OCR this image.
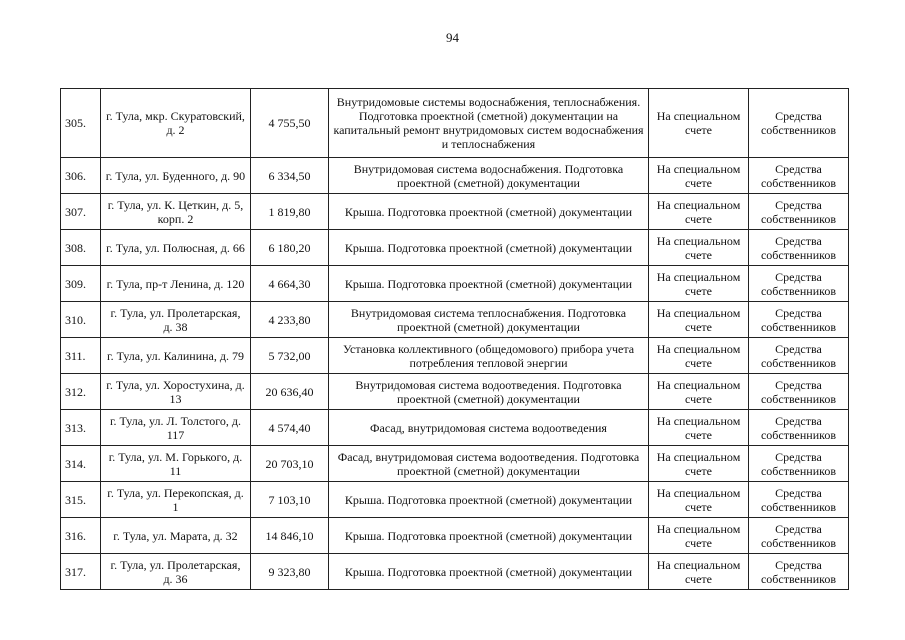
94
305.	г. Тула, мкр. Скуратовский, д. 2	4 755,50	Внутридомовые системы водоснабжения, теплоснабжения. Подготовка проектной (сметной) документации на капитальный ремонт внутридомовых систем водоснабжения и теплоснабжения	На специальном счете	Средства собственников
306.	г. Тула, ул. Буденного, д. 90	6 334,50	Внутридомовая система водоснабжения. Подготовка проектной (сметной) документации	На специальном счете	Средства собственников
307.	г. Тула, ул. К. Цеткин, д. 5, корп. 2	1 819,80	Крыша. Подготовка проектной (сметной) документации	На специальном счете	Средства собственников
308.	г. Тула, ул. Полюсная, д. 66	6 180,20	Крыша. Подготовка проектной (сметной) документации	На специальном счете	Средства собственников
309.	г. Тула, пр-т Ленина, д. 120	4 664,30	Крыша. Подготовка проектной (сметной) документации	На специальном счете	Средства собственников
310.	г. Тула, ул. Пролетарская, д. 38	4 233,80	Внутридомовая система теплоснабжения. Подготовка проектной (сметной) документации	На специальном счете	Средства собственников
311.	г. Тула, ул. Калинина, д. 79	5 732,00	Установка коллективного (общедомового) прибора учета потребления тепловой энергии	На специальном счете	Средства собственников
312.	г. Тула, ул. Хоростухина, д. 13	20 636,40	Внутридомовая система водоотведения. Подготовка проектной (сметной) документации	На специальном счете	Средства собственников
313.	г. Тула, ул. Л. Толстого, д. 117	4 574,40	Фасад, внутридомовая система водоотведения	На специальном счете	Средства собственников
314.	г. Тула, ул. М. Горького, д. 11	20 703,10	Фасад, внутридомовая система водоотведения. Подготовка проектной (сметной) документации	На специальном счете	Средства собственников
315.	г. Тула, ул. Перекопская, д. 1	7 103,10	Крыша. Подготовка проектной (сметной) документации	На специальном счете	Средства собственников
316.	г. Тула, ул. Марата, д. 32	14 846,10	Крыша. Подготовка проектной (сметной) документации	На специальном счете	Средства собственников
317.	г. Тула, ул. Пролетарская, д. 36	9 323,80	Крыша. Подготовка проектной (сметной) документации	На специальном счете	Средства собственников
